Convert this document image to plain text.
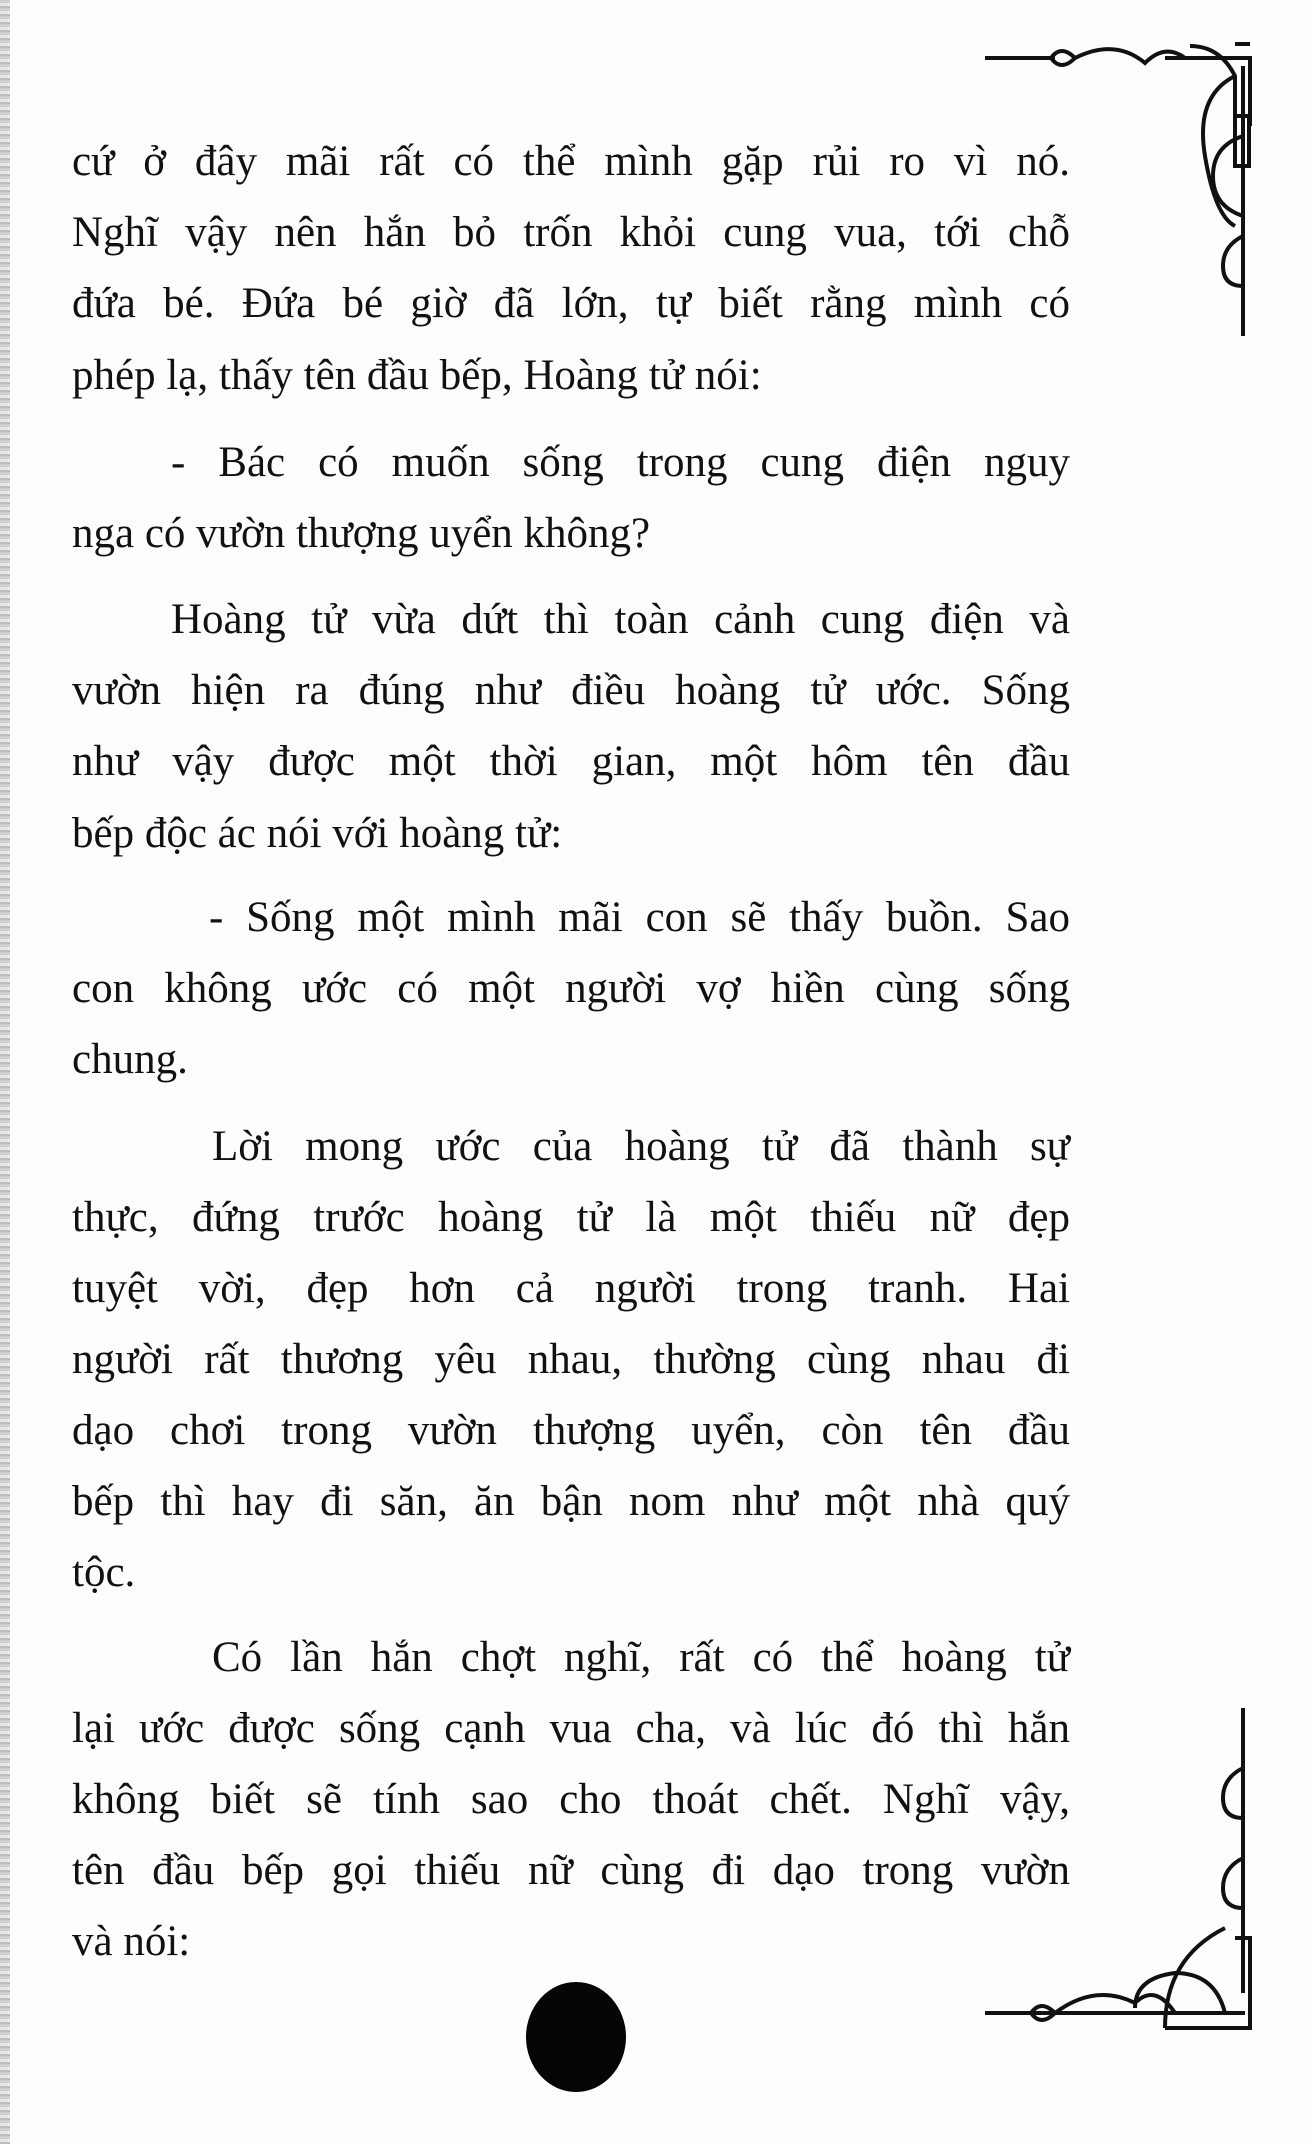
cứ ở đây mãi rất có thể mình gặp rủi ro vì nó.
Nghĩ vậy nên hắn bỏ trốn khỏi cung vua, tới chỗ
đứa bé. Đứa bé giờ đã lớn, tự biết rằng mình có
phép lạ, thấy tên đầu bếp, Hoàng tử nói:
- Bác có muốn sống trong cung điện nguy
nga có vườn thượng uyển không?
Hoàng tử vừa dứt thì toàn cảnh cung điện và
vườn hiện ra đúng như điều hoàng tử ước. Sống
như vậy được một thời gian, một hôm tên đầu
bếp độc ác nói với hoàng tử:
- Sống một mình mãi con sẽ thấy buồn. Sao
con không ước có một người vợ hiền cùng sống
chung.
Lời mong ước của hoàng tử đã thành sự
thực, đứng trước hoàng tử là một thiếu nữ đẹp
tuyệt vời, đẹp hơn cả người trong tranh. Hai
người rất thương yêu nhau, thường cùng nhau đi
dạo chơi trong vườn thượng uyển, còn tên đầu
bếp thì hay đi săn, ăn bận nom như một nhà quý
tộc.
Có lần hắn chợt nghĩ, rất có thể hoàng tử
lại ước được sống cạnh vua cha, và lúc đó thì hắn
không biết sẽ tính sao cho thoát chết. Nghĩ vậy,
tên đầu bếp gọi thiếu nữ cùng đi dạo trong vườn
và nói:
